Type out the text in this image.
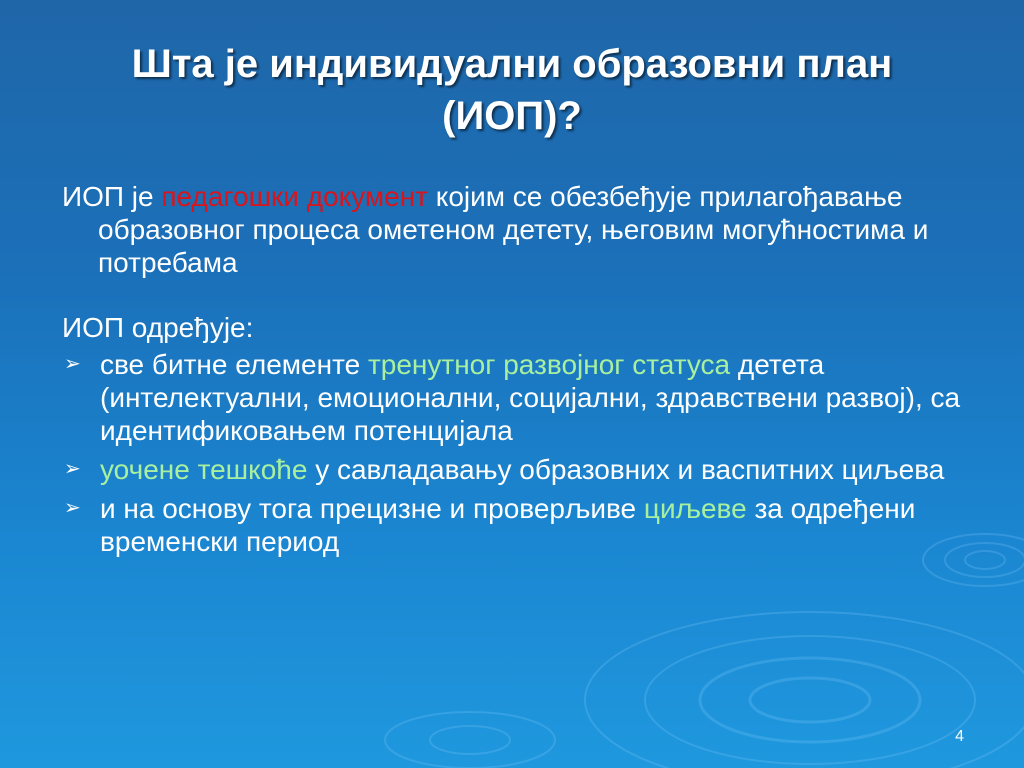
Шта је индивидуални образовни план
(ИОП)?

ИОП је педагошки документ којим се обезбеђује прилагођавање образовног процеса ометеном детету, његовим могућностима и потребама

ИОП одређује:

➢ све битне елементе тренутног развојног статуса детета (интелектуални, емоционални, социјални, здравствени развој), са идентификовањем потенцијала
➢ уочене тешкоће у савладавању образовних и васпитних циљева
➢ и на основу тога прецизне и проверљиве циљеве за одређени временски период
4
